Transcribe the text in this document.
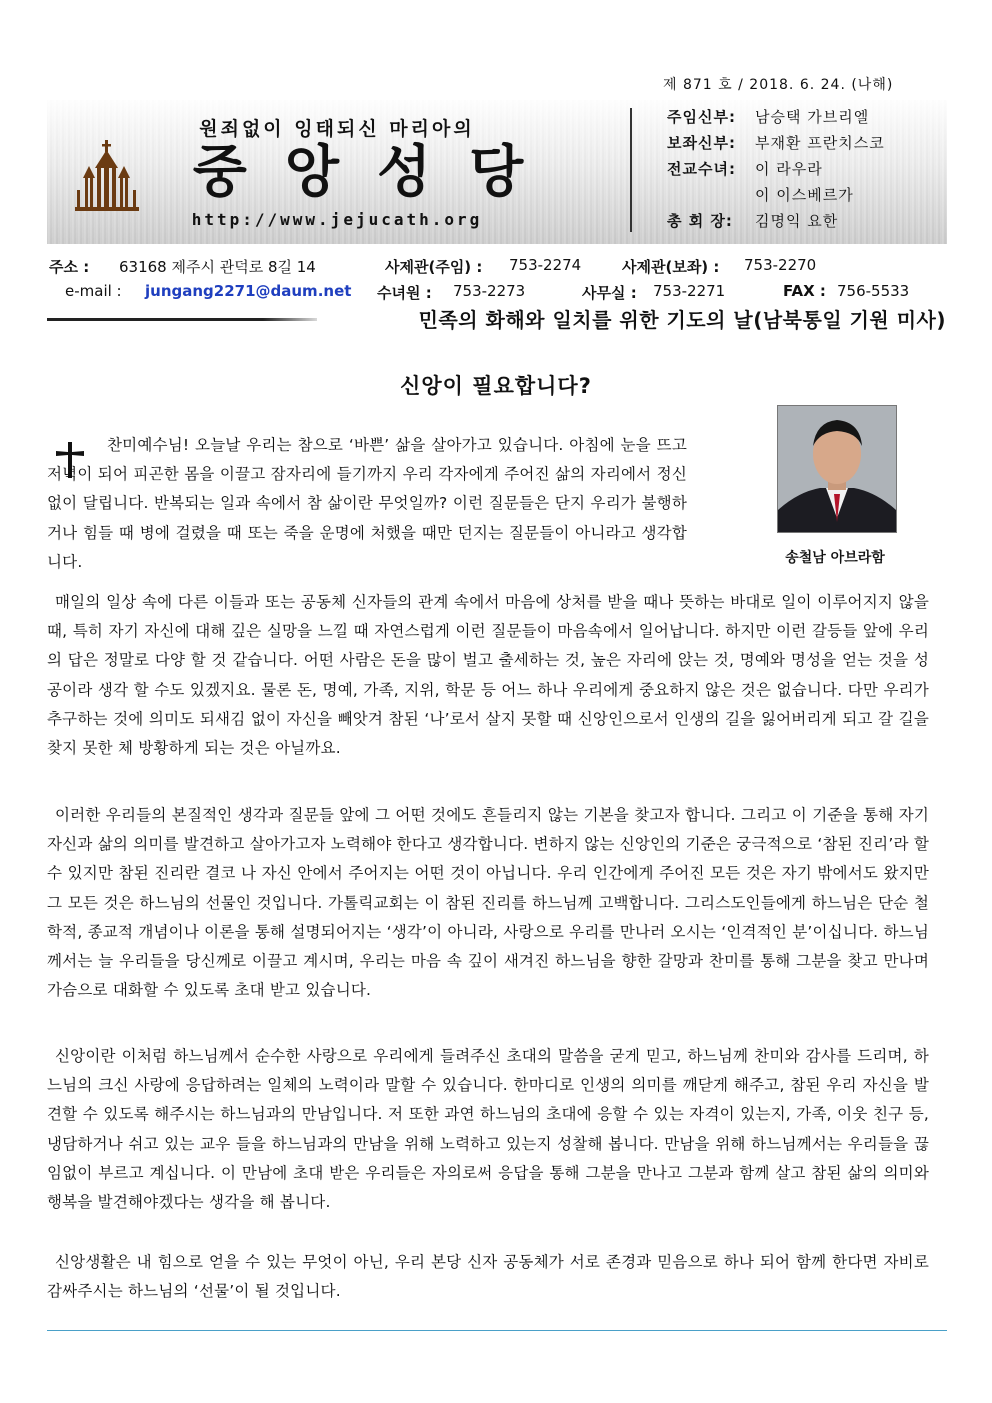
제 871 호 / 2018. 6. 24. (나해)
원죄없이 잉태되신 마리아의
중앙성당
http://www.jejucath.org
주임신부: 남승택 가브리엘
보좌신부: 부재환 프란치스코
전교수녀: 이 라우라
이 이스베르가
총 회 장: 김명익 요한
주소 : 63168 제주시 관덕로 8길 14	사제관(주임) : 753-2274	사제관(보좌) : 753-2270
e-mail : jungang2271@daum.net 수녀원 : 753-2273	사무실 : 753-2271	FAX : 756-5533
민족의 화해와 일치를 위한 기도의 날(남북통일 기원 미사)
신앙이 필요합니다?
송철남 아브라함

찬미예수님! 오늘날 우리는 참으로 ‘바쁜’ 삶을 살아가고 있습니다. 아침에 눈을 뜨고 저녁이 되어 피곤한 몸을 이끌고 잠자리에 들기까지 우리 각자에게 주어진 삶의 자리에서 정신없이 달립니다. 반복되는 일과 속에서 참 삶이란 무엇일까? 이런 질문들은 단지 우리가 불행하거나 힘들 때 병에 걸렸을 때 또는 죽을 운명에 처했을 때만 던지는 질문들이 아니라고 생각합니다.

매일의 일상 속에 다른 이들과 또는 공동체 신자들의 관계 속에서 마음에 상처를 받을 때나 뜻하는 바대로 일이 이루어지지 않을 때, 특히 자기 자신에 대해 깊은 실망을 느낄 때 자연스럽게 이런 질문들이 마음속에서 일어납니다. 하지만 이런 갈등들 앞에 우리의 답은 정말로 다양 할 것 같습니다. 어떤 사람은 돈을 많이 벌고 출세하는 것, 높은 자리에 앉는 것, 명예와 명성을 얻는 것을 성공이라 생각 할 수도 있겠지요. 물론 돈, 명예, 가족, 지위, 학문 등 어느 하나 우리에게 중요하지 않은 것은 없습니다. 다만 우리가 추구하는 것에 의미도 되새김 없이 자신을 빼앗겨 참된 ‘나’로서 살지 못할 때 신앙인으로서 인생의 길을 잃어버리게 되고 갈 길을 찾지 못한 체 방황하게 되는 것은 아닐까요.

이러한 우리들의 본질적인 생각과 질문들 앞에 그 어떤 것에도 흔들리지 않는 기본을 찾고자 합니다. 그리고 이 기준을 통해 자기 자신과 삶의 의미를 발견하고 살아가고자 노력해야 한다고 생각합니다. 변하지 않는 신앙인의 기준은 궁극적으로 ‘참된 진리’라 할 수 있지만 참된 진리란 결코 나 자신 안에서 주어지는 어떤 것이 아닙니다. 우리 인간에게 주어진 모든 것은 자기 밖에서도 왔지만 그 모든 것은 하느님의 선물인 것입니다. 가톨릭교회는 이 참된 진리를 하느님께 고백합니다. 그리스도인들에게 하느님은 단순 철학적, 종교적 개념이나 이론을 통해 설명되어지는 ‘생각’이 아니라, 사랑으로 우리를 만나러 오시는 ‘인격적인 분’이십니다. 하느님께서는 늘 우리들을 당신께로 이끌고 계시며, 우리는 마음 속 깊이 새겨진 하느님을 향한 갈망과 찬미를 통해 그분을 찾고 만나며 가슴으로 대화할 수 있도록 초대 받고 있습니다.

신앙이란 이처럼 하느님께서 순수한 사랑으로 우리에게 들려주신 초대의 말씀을 굳게 믿고, 하느님께 찬미와 감사를 드리며, 하느님의 크신 사랑에 응답하려는 일체의 노력이라 말할 수 있습니다. 한마디로 인생의 의미를 깨닫게 해주고, 참된 우리 자신을 발견할 수 있도록 해주시는 하느님과의 만남입니다. 저 또한 과연 하느님의 초대에 응할 수 있는 자격이 있는지, 가족, 이웃 친구 등, 냉담하거나 쉬고 있는 교우 들을 하느님과의 만남을 위해 노력하고 있는지 성찰해 봅니다. 만남을 위해 하느님께서는 우리들을 끊임없이 부르고 계십니다. 이 만남에 초대 받은 우리들은 자의로써 응답을 통해 그분을 만나고 그분과 함께 살고 참된 삶의 의미와 행복을 발견해야겠다는 생각을 해 봅니다.

신앙생활은 내 힘으로 얻을 수 있는 무엇이 아닌, 우리 본당 신자 공동체가 서로 존경과 믿음으로 하나 되어 함께 한다면 자비로 감싸주시는 하느님의 ‘선물’이 될 것입니다.
